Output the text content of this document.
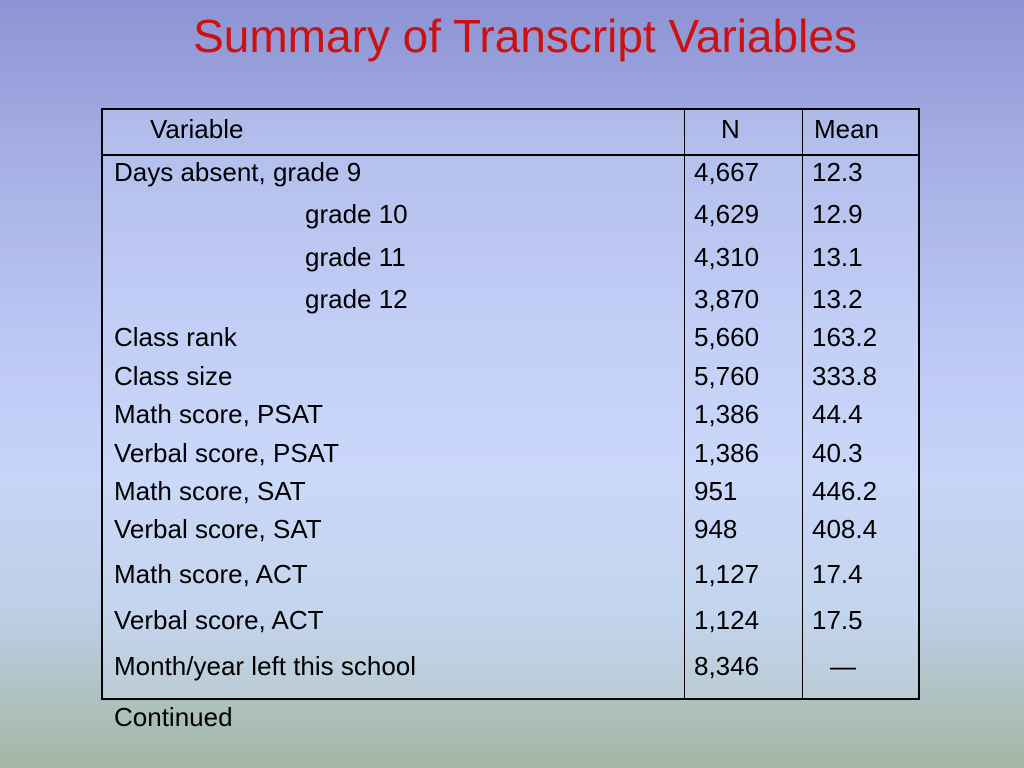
Summary of Transcript Variables
Variable	N	Mean
Days absent, grade 9	4,667 12.3
grade 10	4,629 12.9
grade 11	4,310 13.1
grade 12	3,870 13.2
Class rank	5,660 163.2
Class size	5,760 333.8
Math score, PSAT	1,386 44.4
Verbal score, PSAT	1,386 40.3
Math score, SAT	951	446.2
Verbal score, SAT	948	408.4
Math score, ACT	1,127 17.4
Verbal score, ACT	1,124 17.5
Month/year left this school	8,346	—
Continued
